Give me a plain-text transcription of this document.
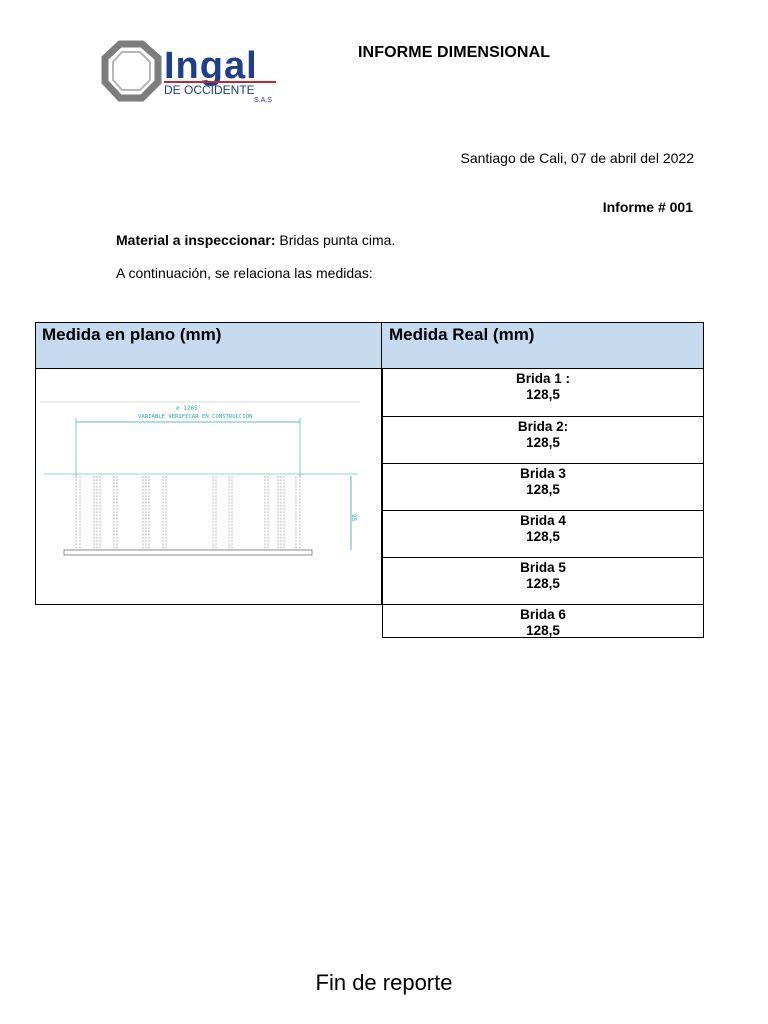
Ingal
DE OCCIDENTE
S.A.S
INFORME DIMENSIONAL
Santiago de Cali, 07 de abril del 2022
Informe # 001
Material a inspeccionar: Bridas punta cima.
A continuación, se relaciona las medidas:
Medida en plano (mm)	Medida Real (mm)
∅ 1265
VARIABLE VERIFICAR EN CONSTRUCCION
95
Brida 1 :
128,5
Brida 2:
128,5
Brida 3
128,5
Brida 4
128,5
Brida 5
128,5
Brida 6
128,5
Fin de reporte
